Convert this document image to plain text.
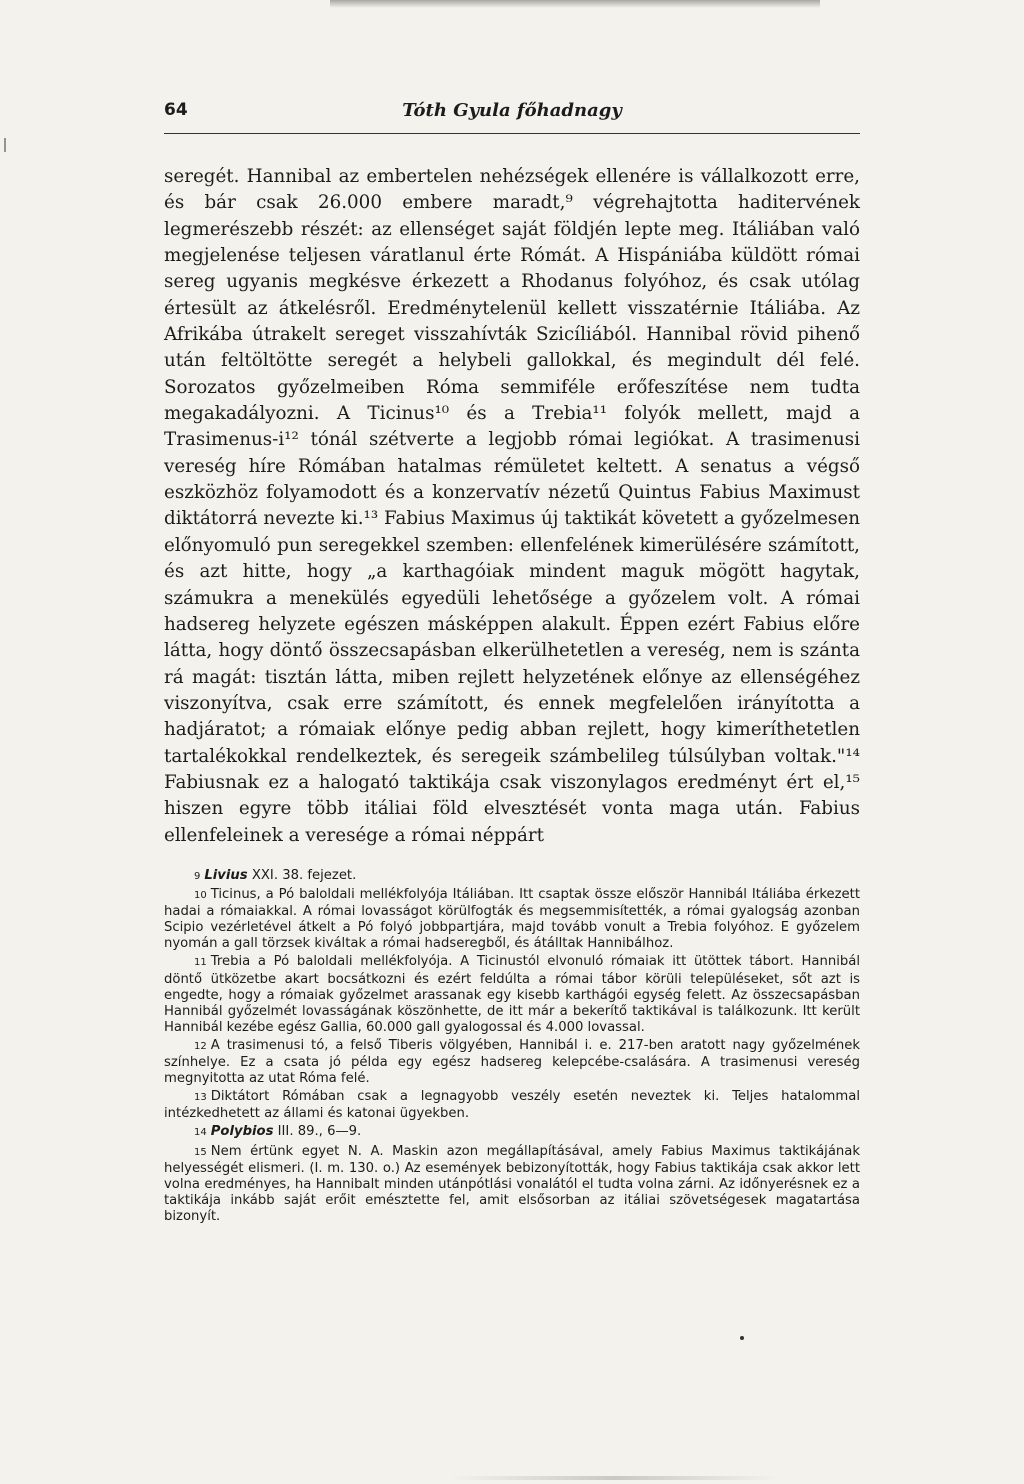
64	Tóth Gyula főhadnagy

seregét. Hannibal az embertelen nehézségek ellenére is vállalkozott erre, és bár csak 26.000 embere maradt,⁹ végrehajtotta haditervének legmerészebb részét: az ellenséget saját földjén lepte meg. Itáliában való megjelenése teljesen váratlanul érte Rómát. A Hispániába küldött római sereg ugyanis megkésve érkezett a Rhodanus folyóhoz, és csak utólag értesült az átkelésről. Eredménytelenül kellett visszatérnie Itáliába. Az Afrikába útrakelt sereget visszahívták Szicíliából. Hannibal rövid pihenő után feltöltötte seregét a helybeli gallokkal, és megindult dél felé. Sorozatos győzelmeiben Róma semmiféle erőfeszítése nem tudta megakadályozni. A Ticinus¹⁰ és a Trebia¹¹ folyók mellett, majd a Trasimenus-i¹² tónál szétverte a legjobb római legiókat. A trasimenusi vereség híre Rómában hatalmas rémületet keltett. A senatus a végső eszközhöz folyamodott és a konzervatív nézetű Quintus Fabius Maximust diktátorrá nevezte ki.¹³ Fabius Maximus új taktikát követett a győzelmesen előnyomuló pun seregekkel szemben: ellenfelének kimerülésére számított, és azt hitte, hogy „a karthagóiak mindent maguk mögött hagytak, számukra a menekülés egyedüli lehetősége a győzelem volt. A római hadsereg helyzete egészen másképpen alakult. Éppen ezért Fabius előre látta, hogy döntő összecsapásban elkerülhetetlen a vereség, nem is szánta rá magát: tisztán látta, miben rejlett helyzetének előnye az ellenségéhez viszonyítva, csak erre számított, és ennek megfelelően irányította a hadjáratot; a rómaiak előnye pedig abban rejlett, hogy kimeríthetetlen tartalékokkal rendelkeztek, és seregeik számbelileg túlsúlyban voltak."¹⁴ Fabiusnak ez a halogató taktikája csak viszonylagos eredményt ért el,¹⁵ hiszen egyre több itáliai föld elvesztését vonta maga után. Fabius ellenfeleinek a veresége a római néppárt

9 Livius XXI. 38. fejezet.

10 Ticinus, a Pó baloldali mellékfolyója Itáliában. Itt csaptak össze először Hannibál Itáliába érkezett hadai a rómaiakkal. A római lovasságot körülfogták és megsemmisítették, a római gyalogság azonban Scipio vezérletével átkelt a Pó folyó jobbpartjára, majd tovább vonult a Trebia folyóhoz. E győzelem nyomán a gall törzsek kiváltak a római hadseregből, és átálltak Hannibálhoz.

11 Trebia a Pó baloldali mellékfolyója. A Ticinustól elvonuló rómaiak itt ütöttek tábort. Hannibál döntő ütközetbe akart bocsátkozni és ezért feldúlta a római tábor körüli településeket, sőt azt is engedte, hogy a rómaiak győzelmet arassanak egy kisebb karthágói egység felett. Az összecsapásban Hannibál győzelmét lovasságának köszönhette, de itt már a bekerítő taktikával is találkozunk. Itt került Hannibál kezébe egész Gallia, 60.000 gall gyalogossal és 4.000 lovassal.

12 A trasimenusi tó, a felső Tiberis völgyében, Hannibál i. e. 217-ben aratott nagy győzelmének színhelye. Ez a csata jó példa egy egész hadsereg kelepcébe-csalására. A trasimenusi vereség megnyitotta az utat Róma felé.

13 Diktátort Rómában csak a legnagyobb veszély esetén neveztek ki. Teljes hatalommal intézkedhetett az állami és katonai ügyekben.

14 Polybios III. 89., 6—9.

15 Nem értünk egyet N. A. Maskin azon megállapításával, amely Fabius Maximus taktikájának helyességét elismeri. (I. m. 130. o.) Az események bebizonyították, hogy Fabius taktikája csak akkor lett volna eredményes, ha Hannibalt minden utánpótlási vonalától el tudta volna zárni. Az időnyerésnek ez a taktikája inkább saját erőit emésztette fel, amit elsősorban az itáliai szövetségesek magatartása bizonyít.
